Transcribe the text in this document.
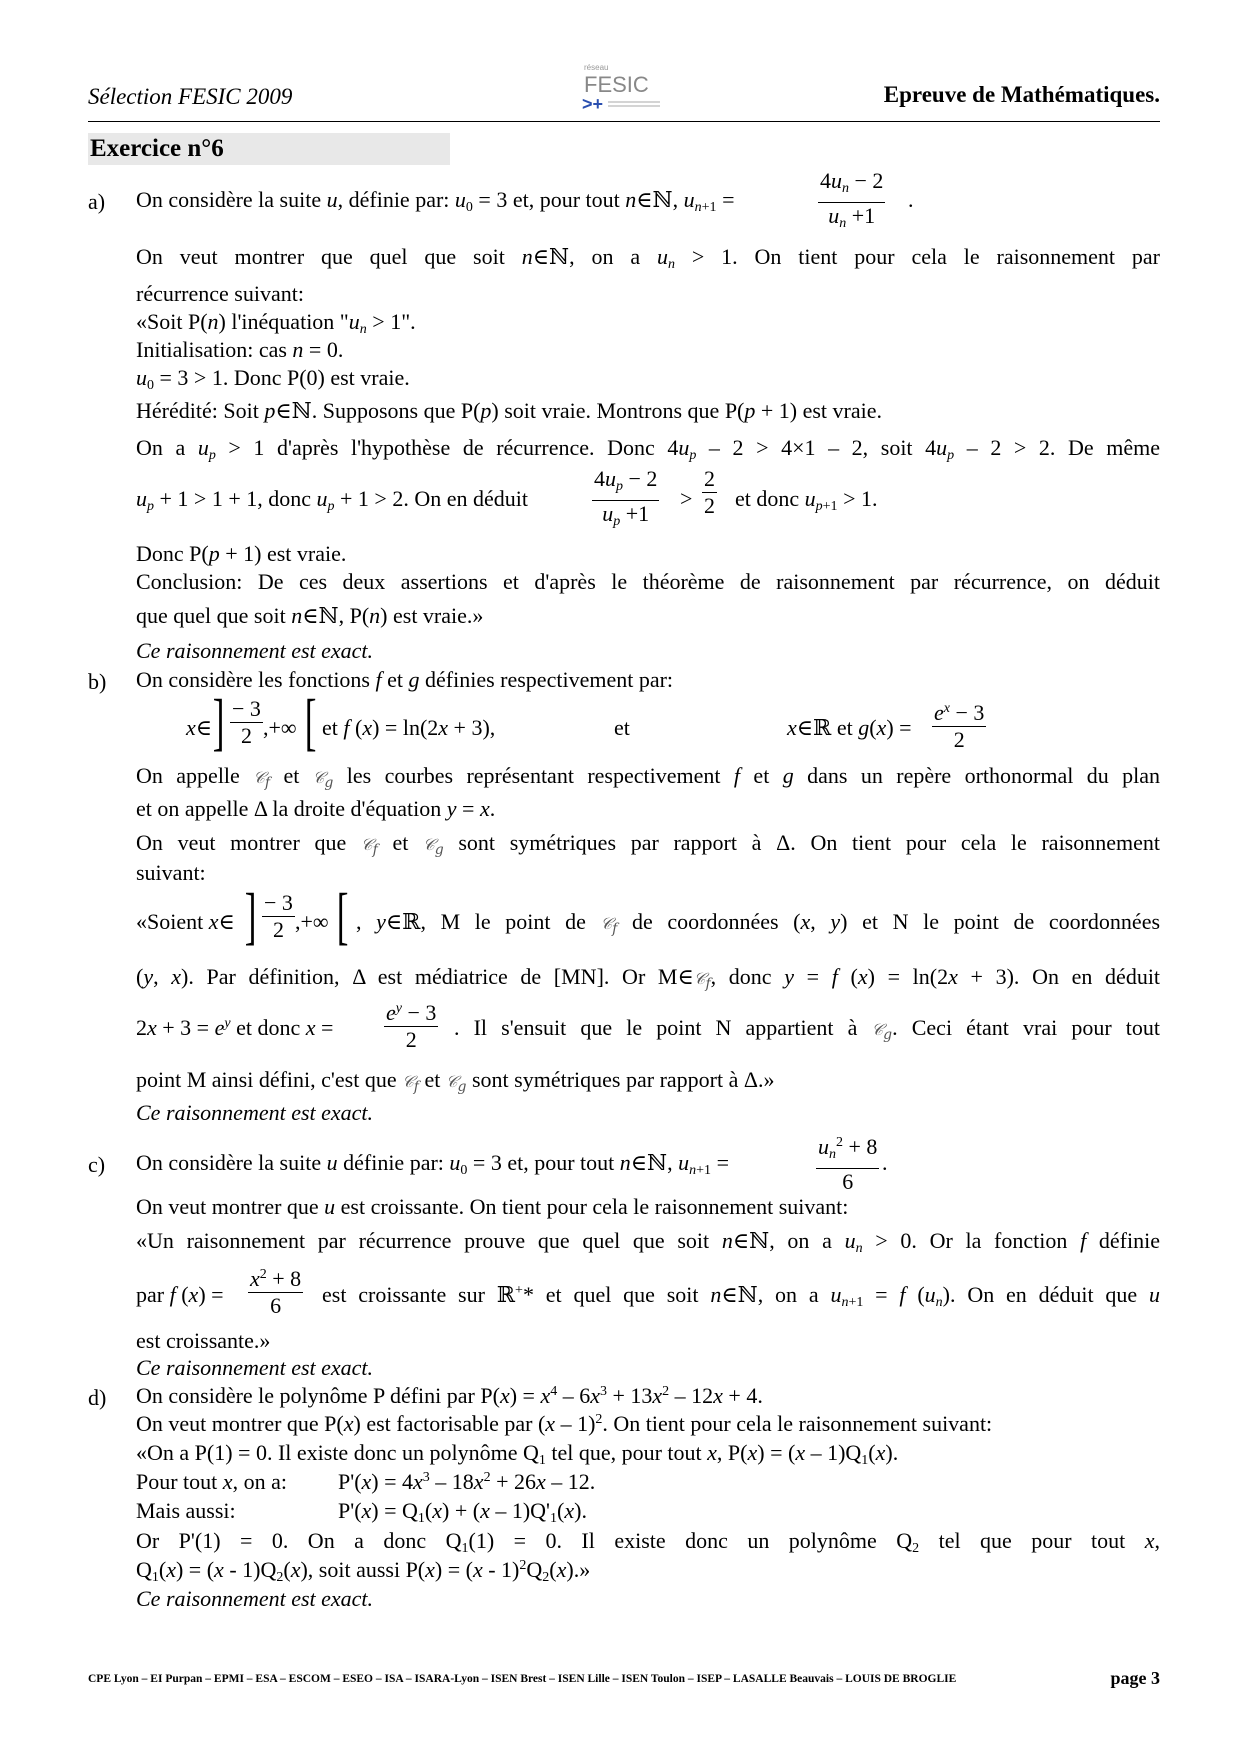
Sélection FESIC 2009
réseau
FESIC
>+	Epreuve de Mathématiques.
Exercice n°6
a) On considère la suite u, définie par: $u_0 = 3$ et, pour tout n∈ℕ, $u_{n+1}$ =	$\frac{4u_n - 2}{u_n +1}$ .
On veut montrer que quel que soit n∈ℕ, on a $u_n > 1$. On tient pour cela le raisonnement par
récurrence suivant:
«Soit P(n) l'inéquation "$u_n > 1$".
Initialisation: cas n = 0.
$u_0 = 3 > 1$. Donc P(0) est vraie.
Hérédité: Soit p∈ℕ. Supposons que P(p) soit vraie. Montrons que P(p + 1) est vraie.
On a $u_p > 1$ d'après l'hypothèse de récurrence. Donc $4u_p - 2 > 4\times 1 - 2$, soit $4u_p - 2 > 2$. De même
$u_p + 1 > 1 + 1$, donc $u_p + 1 > 2$. On en déduit	$\frac{4u_p - 2}{u_p +1} > \frac{2}{2}$ et donc $u_{p+1} > 1$.
Donc P(p + 1) est vraie.
Conclusion: De ces deux assertions et d'après le théorème de raisonnement par récurrence, on déduit
que quel que soit n∈ℕ, P(n) est vraie.»
Ce raisonnement est exact.
b) On considère les fonctions f et g définies respectivement par:
x∈ ] $\frac{- 3}{2}$ ,+∞ [ et f (x) = ln(2x + 3),	et	x∈ℝ et $g(x) = \frac{e^x - 3}{2}$
On appelle 𝒞$_f$ et 𝒞$_g$ les courbes représentant respectivement f et g dans un repère orthonormal du plan
et on appelle Δ la droite d'équation y = x.
On veut montrer que 𝒞$_f$ et 𝒞$_g$ sont symétriques par rapport à Δ. On tient pour cela le raisonnement
suivant:
«Soient x∈ ] $\frac{- 3}{2}$ ,+∞ [ , y∈ℝ, M le point de 𝒞$_f$ de coordonnées (x, y) et N le point de coordonnées
(y, x). Par définition, Δ est médiatrice de [MN]. Or M∈𝒞$_f$, donc y = f (x) = ln(2x + 3). On en déduit
$2x + 3 = e^y$ et donc $x = \frac{e^y - 3}{2}$ . Il s'ensuit que le point N appartient à 𝒞$_g$. Ceci étant vrai pour tout
point M ainsi défini, c'est que 𝒞$_f$ et 𝒞$_g$ sont symétriques par rapport à Δ.»
Ce raisonnement est exact.
c) On considère la suite u définie par: $u_0 = 3$ et, pour tout n∈ℕ, $u_{n+1}$ =	$\frac{u_n^2 + 8}{6}$ .
On veut montrer que u est croissante. On tient pour cela le raisonnement suivant:
«Un raisonnement par récurrence prouve que quel que soit n∈ℕ, on a $u_n > 0$. Or la fonction f définie
par f $(x) = \frac{x^2 + 8}{6}$ est croissante sur ℝ+* et quel que soit n∈ℕ, on a $u_{n+1} = f$ $(u_n)$. On en déduit que u
est croissante.»
Ce raisonnement est exact.
d) On considère le polynôme P défini par $P(x) = x^4 - 6x^3 + 13x^2 - 12x + 4$.
On veut montrer que P(x) est factorisable par (x – 1)$^2$. On tient pour cela le raisonnement suivant:
«On a P(1) = 0. Il existe donc un polynôme $Q_1$ tel que, pour tout x, $P(x) = (x - 1)Q_1(x)$.
Pour tout x, on a: $P'(x) = 4x^3 - 18x^2 + 26x - 12$.
Mais aussi:	$P'(x) = Q_1(x) + (x - 1)Q'_1(x)$.
Or P'(1) = 0. On a donc $Q_1(1) = 0$. Il existe donc un polynôme $Q_2$ tel que pour tout x,
$Q_1(x) = (x - 1)Q_2(x)$, soit aussi $P(x) = (x - 1)^2Q_2(x)$.»
Ce raisonnement est exact.
CPE Lyon – EI Purpan – EPMI – ESA – ESCOM – ESEO – ISA – ISARA-Lyon – ISEN Brest – ISEN Lille – ISEN Toulon – ISEP – LASALLE Beauvais – LOUIS DE BROGLIE	page 3
